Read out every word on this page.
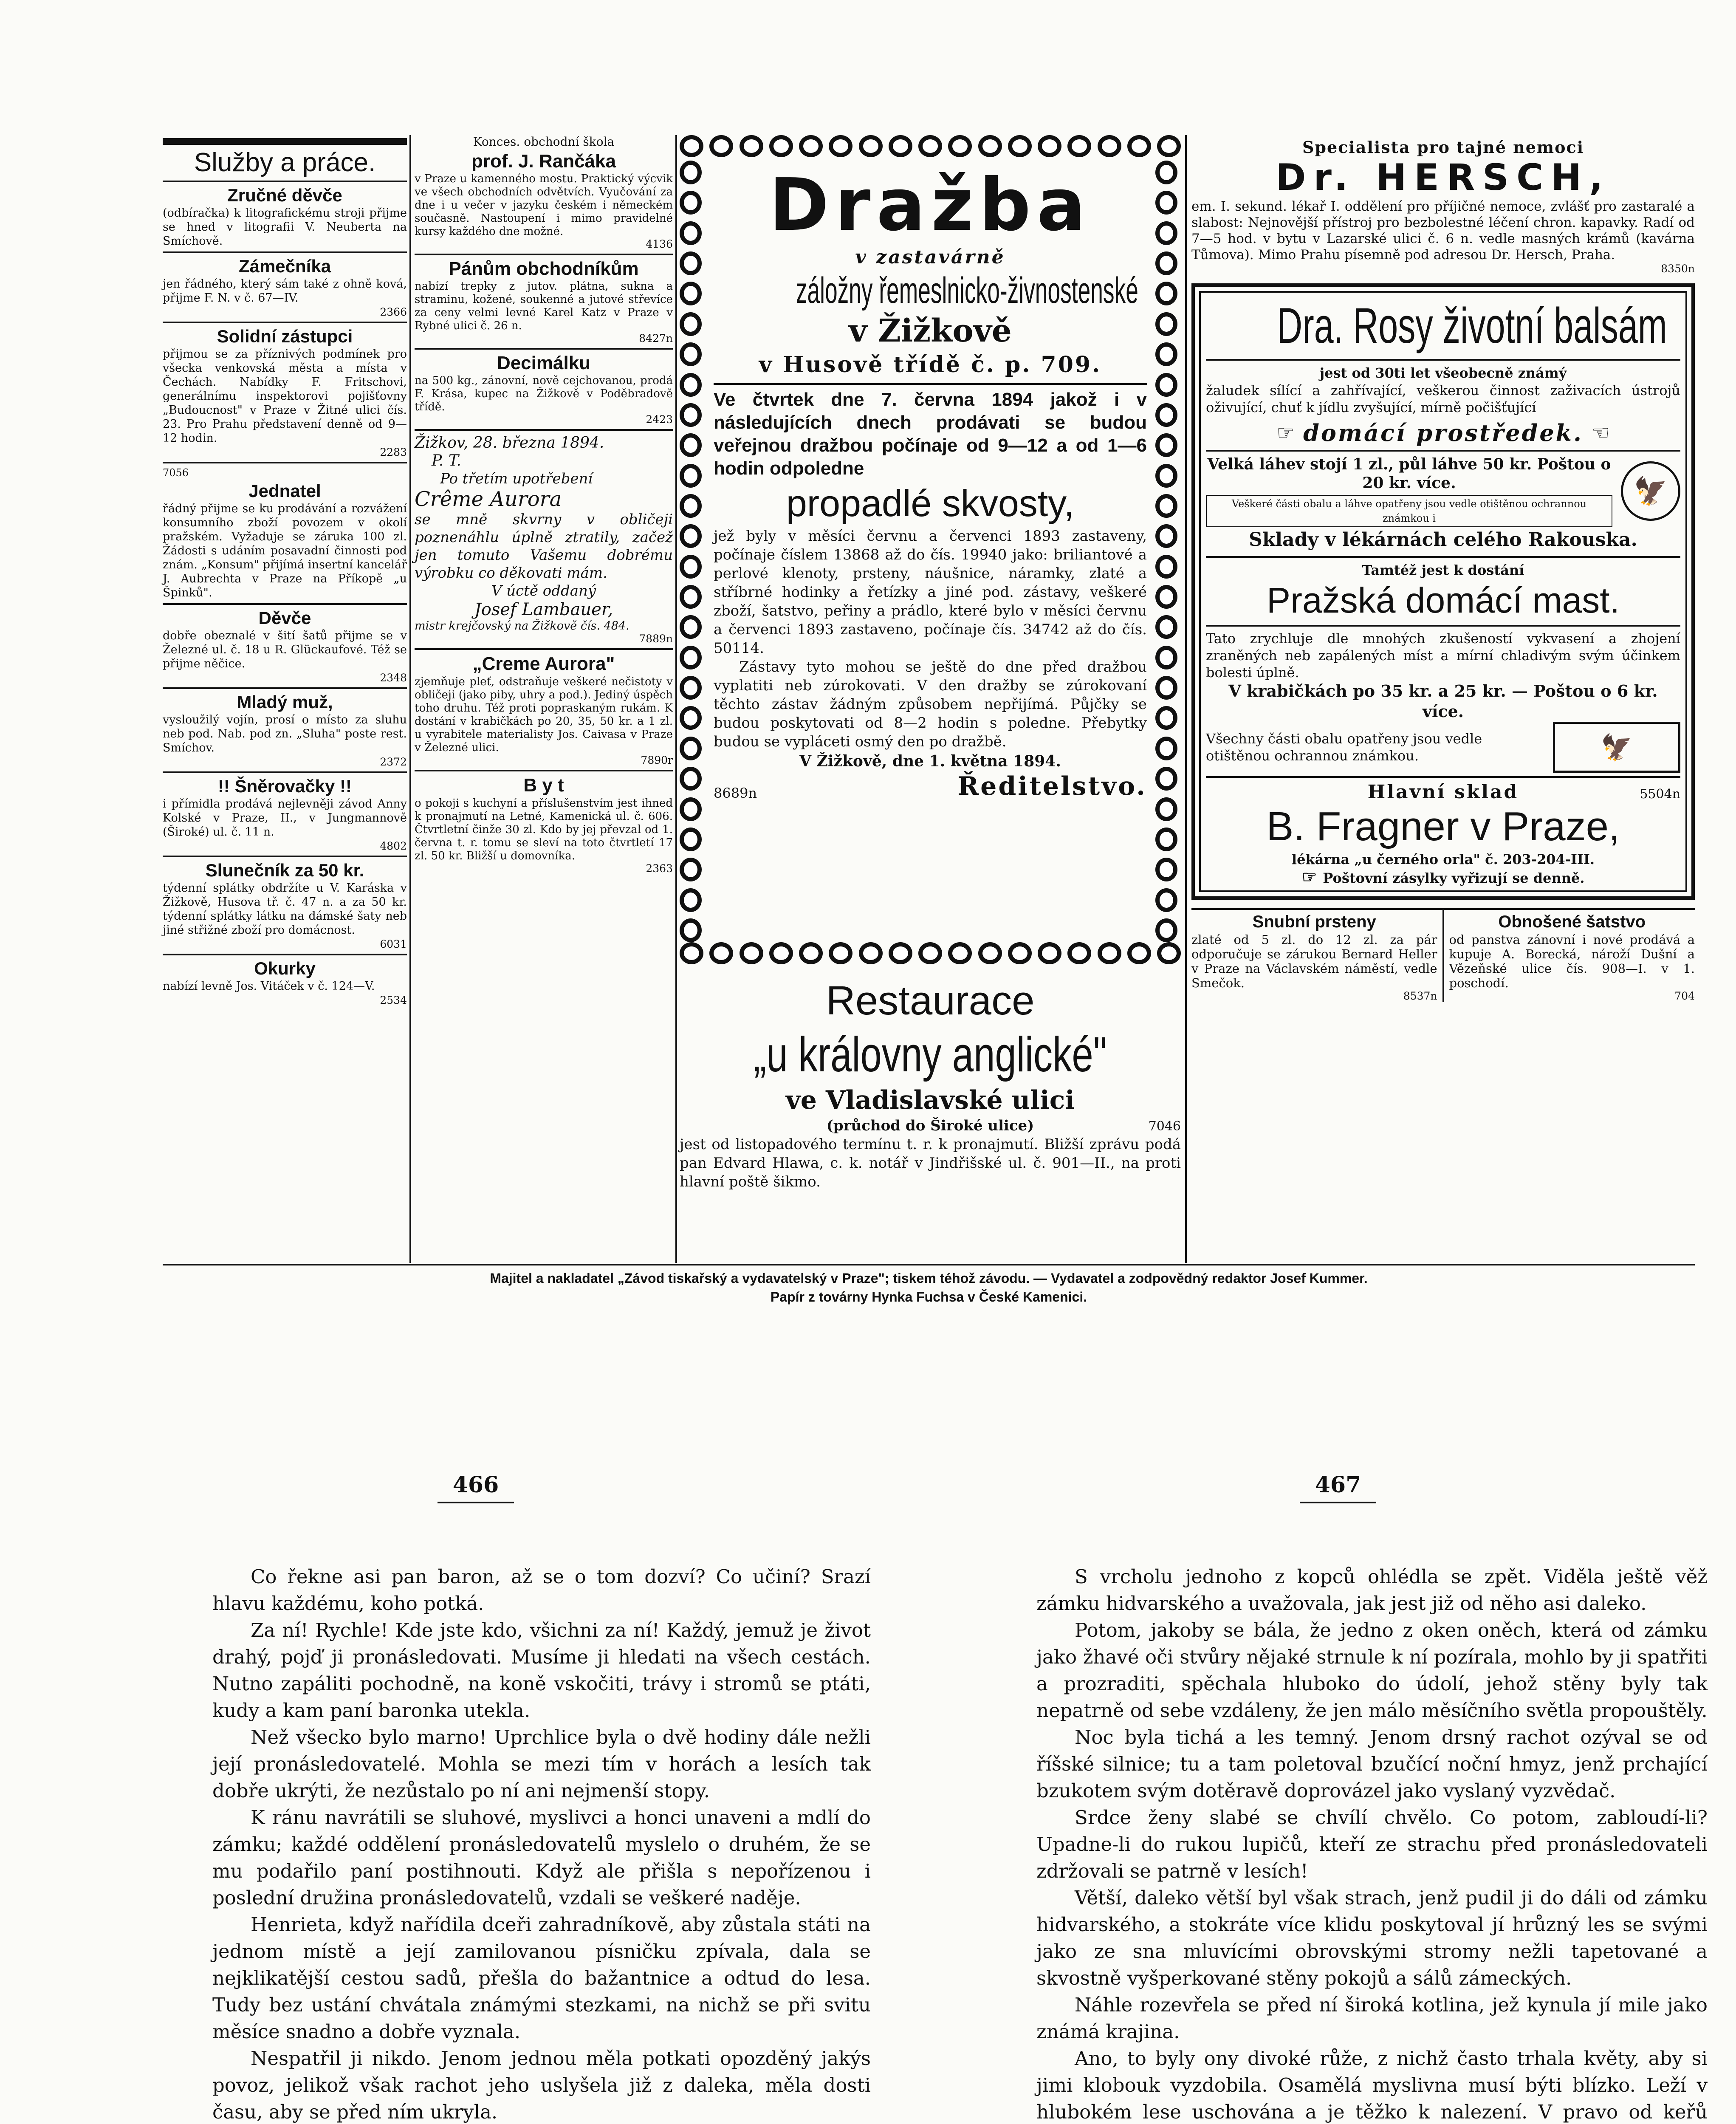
Služby a práce.
Zručné děvče

(odbíračka) k litografickému stroji přijme se hned v litografii V. Neuberta na Smíchově.

Zámečníka

jen řádného, který sám také z ohně ková, přijme F. N. v č. 67—IV.

2366
Solidní zástupci

přijmou se za příznivých podmínek pro všecka venkovská města a místa v Čechách. Nabídky F. Fritschovi, generálnímu inspektorovi pojišťovny „Budoucnost" v Praze v Žitné ulici čís. 23. Pro Prahu představení denně od 9—12 hodin.

2283
7056
Jednatel

řádný přijme se ku prodávání a rozvážení konsumního zboží povozem v okolí pražském. Vyžaduje se záruka 100 zl. Žádosti s udáním posavadní činnosti pod znám. „Konsum" přijímá insertní kancelář J. Aubrechta v Praze na Příkopě „u Špinků".

Děvče

dobře obeznalé v šití šatů přijme se v Železné ul. č. 18 u R. Glückaufové. Též se přijme něčice.

2348
Mladý muž,

vysloužilý vojín, prosí o místo za sluhu neb pod. Nab. pod zn. „Sluha" poste rest. Smíchov.

2372
!! Šněrovačky !!

i přímidla prodává nejlevněji závod Anny Kolské v Praze, II., v Jungmannově (Široké) ul. č. 11 n.

4802
Slunečník za 50 kr.

týdenní splátky obdržíte u V. Karáska v Žižkově, Husova tř. č. 47 n. a za 50 kr. týdenní splátky látku na dámské šaty neb jiné střižné zboží pro domácnost.

6031
Okurky

nabízí levně Jos. Vitáček v č. 124—V.

2534
Konces. obchodní škola
prof. J. Rančáka

v Praze u kamenného mostu. Praktický výcvik ve všech obchodních odvětvích. Vyučování za dne i u večer v jazyku českém i německém současně. Nastoupení i mimo pravidelné kursy každého dne možné.

4136
Pánům obchodníkům

nabízí trepky z jutov. plátna, sukna a straminu, kožené, soukenné a jutové střevíce za ceny velmi levné Karel Katz v Praze v Rybné ulici č. 26 n.

8427n
Decimálku

na 500 kg., zánovní, nově cejchovanou, prodá F. Krása, kupec na Žižkově v Poděbradově třídě.

2423
Žižkov, 28. března 1894.
P. T.
Po třetím upotřebení
Crême Aurora
se mně skvrny v obličeji poznenáhlu úplně ztratily, začež jen tomuto Vašemu dobrému výrobku co děkovati mám.
V úctě oddaný
Josef Lambauer,
mistr krejčovský na Žižkově čís. 484.
7889n
„Creme Aurora"

zjemňuje pleť, odstraňuje veškeré nečistoty v obličeji (jako piby, uhry a pod.). Jediný úspěch toho druhu. Též proti popraskaným rukám. K dostání v krabičkách po 20, 35, 50 kr. a 1 zl. u vyrabitele materialisty Jos. Caivasa v Praze v Železné ulici.

7890r
B y t

o pokoji s kuchyní a příslušenstvím jest ihned k pronajmutí na Letné, Kamenická ul. č. 606. Čtvrtletní činže 30 zl. Kdo by jej převzal od 1. června t. r. tomu se sleví na toto čtvrtletí 17 zl. 50 kr. Bližší u domovníka.

2363
Dražba
v zastavárně
záložny řemeslnicko-živnostenské
v Žižkově
v Husově třídě č. p. 709.

Ve čtvrtek dne 7. června 1894 jakož i v následujících dnech prodávati se budou veřejnou dražbou počínaje od 9—12 a od 1—6 hodin odpoledne

propadlé skvosty,

jež byly v měsíci červnu a červenci 1893 zastaveny, počínaje číslem 13868 až do čís. 19940 jako: briliantové a perlové klenoty, prsteny, náušnice, náramky, zlaté a stříbrné hodinky a řetízky a jiné pod. zástavy, veškeré zboží, šatstvo, peřiny a prádlo, které bylo v měsíci červnu a červenci 1893 zastaveno, počínaje čís. 34742 až do čís. 50114.

Zástavy tyto mohou se ještě do dne před dražbou vyplatiti neb zúrokovati. V den dražby se zúrokovaní těchto zástav žádným způsobem nepřijímá. Půjčky se budou poskytovati od 8—2 hodin s poledne. Přebytky budou se vypláceti osmý den po dražbě.

V Žižkově, dne 1. května 1894.
8689n	Ředitelstvo.
Restaurace
„u královny anglické"
ve Vladislavské ulici
(průchod do Široké ulice)	7046

jest od listopadového termínu t. r. k pronajmutí. Bližší zprávu podá pan Edvard Hlawa, c. k. notář v Jindřišské ul. č. 901—II., na proti hlavní poště šikmo.

Specialista pro tajné nemoci
Dr. HERSCH,

em. I. sekund. lékař I. oddělení pro příjičné nemoce, zvlášť pro zastaralé a slabost: Nejnovější přístroj pro bezbolestné léčení chron. kapavky. Radí od 7—5 hod. v bytu v Lazarské ulici č. 6 n. vedle masných krámů (kavárna Tůmova). Mimo Prahu písemně pod adresou Dr. Hersch, Praha.

8350n
Dra. Rosy životní balsám
jest od 30ti let všeobecně známý

žaludek sílící a zahřívající, veškerou činnost zaživacích ústrojů oživující, chuť k jídlu zvyšující, mírně počišťující

☞ domácí prostředek. ☞
Velká láhev stojí 1 zl., půl láhve 50 kr. Poštou o 20 kr. více.
Veškeré části obalu a láhve opatřeny jsou vedle otištěnou ochrannou známkou i
🦅
Sklady v lékárnách celého Rakouska.
Tamtéž jest k dostání
Pražská domácí mast.

Tato zrychluje dle mnohých zkušeností vykvasení a zhojení zraněných neb zapálených míst a mírní chladivým svým účinkem bolesti úplně.

V krabičkách po 35 kr. a 25 kr. — Poštou o 6 kr. více.
Všechny části obalu opatřeny jsou vedle otištěnou ochrannou známkou.	🦅
Hlavní sklad	5504n
B. Fragner v Praze,
lékárna „u černého orla" č. 203-204-III.
☞ Poštovní zásylky vyřizují se denně.
Snubní prsteny

zlaté od 5 zl. do 12 zl. za pár odporučuje se zárukou Bernard Heller v Praze na Václavském náměstí, vedle Smečok.

8537n
Obnošené šatstvo

od panstva zánovní i nové prodává a kupuje A. Borecká, nároží Dušní a Vězeňské ulice čís. 908—I. v 1. poschodí.

704
Majitel a nakladatel „Závod tiskařský a vydavatelský v Praze"; tiskem téhož závodu. — Vydavatel a zodpovědný redaktor Josef Kummer.
Papír z továrny Hynka Fuchsa v České Kamenici.
466	467

Co řekne asi pan baron, až se o tom dozví? Co učiní? Srazí hlavu každému, koho potká.

Za ní! Rychle! Kde jste kdo, všichni za ní! Každý, jemuž je život drahý, pojď ji pronásledovati. Musíme ji hledati na všech cestách. Nutno zapáliti pochodně, na koně vskočiti, trávy i stromů se ptáti, kudy a kam paní baronka utekla.

Než všecko bylo marno! Uprchlice byla o dvě hodiny dále nežli její pronásledovatelé. Mohla se mezi tím v horách a lesích tak dobře ukrýti, že nezůstalo po ní ani nejmenší stopy.

K ránu navrátili se sluhové, myslivci a honci unaveni a mdlí do zámku; každé oddělení pronásledovatelů myslelo o druhém, že se mu podařilo paní postihnouti. Když ale přišla s nepořízenou i poslední družina pronásledovatelů, vzdali se veškeré naděje.

Henrieta, když nařídila dceři zahradníkově, aby zůstala státi na jednom místě a její zamilovanou písničku zpívala, dala se nejklikatější cestou sadů, přešla do bažantnice a odtud do lesa. Tudy bez ustání chvátala známými stezkami, na nichž se při svitu měsíce snadno a dobře vyznala.

Nespatřil ji nikdo. Jenom jednou měla potkati opozděný jakýs povoz, jelikož však rachot jeho uslyšela již z daleka, měla dosti času, aby se před ním ukryla.

S vrcholu jednoho z kopců ohlédla se zpět. Viděla ještě věž zámku hidvarského a uvažovala, jak jest již od něho asi daleko.

Potom, jakoby se bála, že jedno z oken oněch, která od zámku jako žhavé oči stvůry nějaké strnule k ní pozírala, mohlo by ji spatřiti a prozraditi, spěchala hluboko do údolí, jehož stěny byly tak nepatrně od sebe vzdáleny, že jen málo měsíčního světla propouštěly.

Noc byla tichá a les temný. Jenom drsný rachot ozýval se od říšské silnice; tu a tam poletoval bzučící noční hmyz, jenž prchající bzukotem svým dotěravě doprovázel jako vyslaný vyzvědač.

Srdce ženy slabé se chvílí chvělo. Co potom, zabloudí-li? Upadne-li do rukou lupičů, kteří ze strachu před pronásledovateli zdržovali se patrně v lesích!

Větší, daleko větší byl však strach, jenž pudil ji do dáli od zámku hidvarského, a stokráte více klidu poskytoval jí hrůzný les se svými jako ze sna mluvícími obrovskými stromy nežli tapetované a skvostně vyšperkované stěny pokojů a sálů zámeckých.

Náhle rozevřela se před ní široká kotlina, jež kynula jí mile jako známá krajina.

Ano, to byly ony divoké růže, z nichž často trhala květy, aby si jimi klobouk vyzdobila. Osamělá myslivna musí býti blízko. Leží v hlubokém lese uschována a je těžko k nalezení. V pravo od keřů
